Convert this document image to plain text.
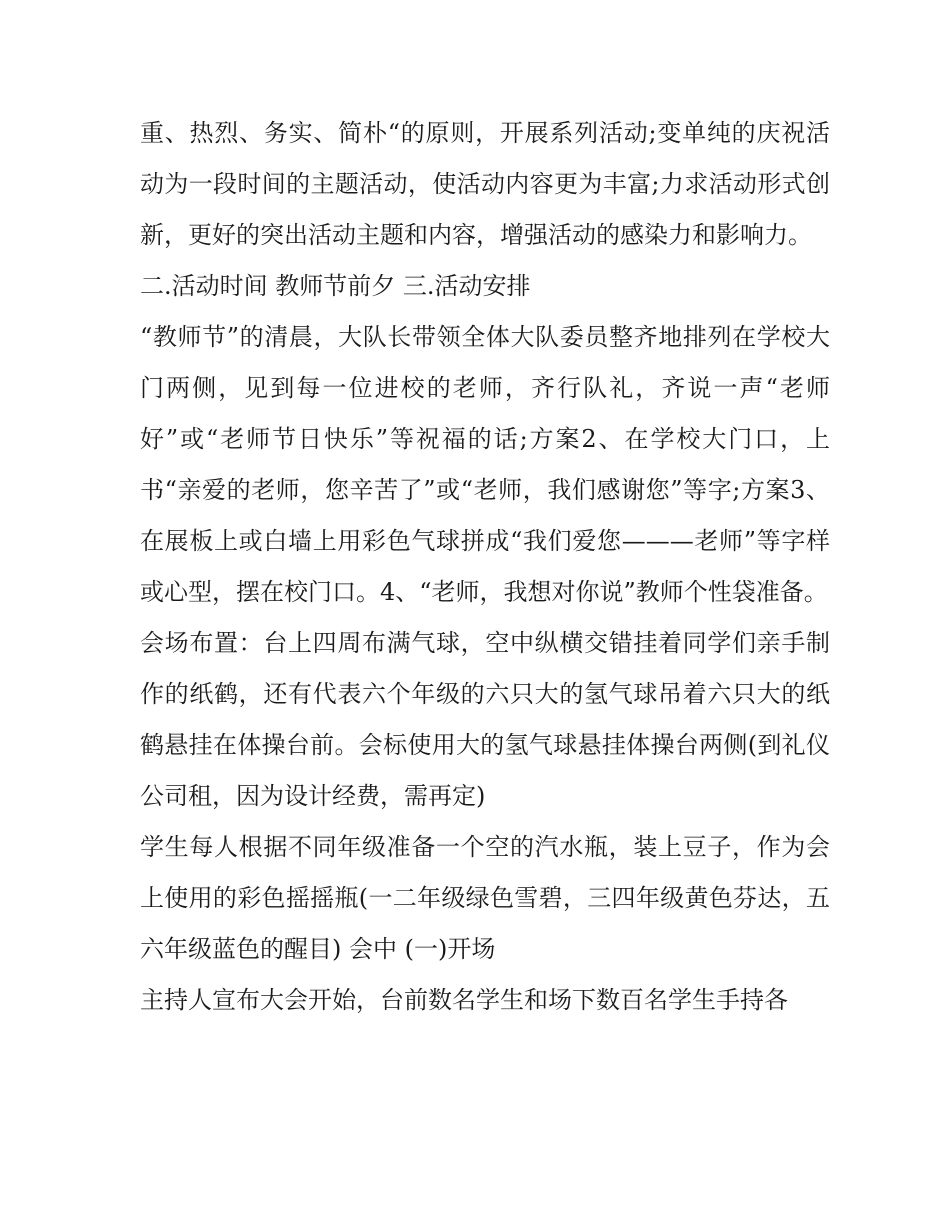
重、热烈、务实、简朴“的原则，开展系列活动;变单纯的庆祝活动为一段时间的主题活动，使活动内容更为丰富;力求活动形式创新，更好的突出活动主题和内容，增强活动的感染力和影响力。

二.活动时间 教师节前夕 三.活动安排

“教师节”的清晨，大队长带领全体大队委员整齐地排列在学校大门两侧，见到每一位进校的老师，齐行队礼，齐说一声“老师好”或“老师节日快乐”等祝福的话;方案2、在学校大门口，上书“亲爱的老师，您辛苦了”或“老师，我们感谢您”等字;方案3、在展板上或白墙上用彩色气球拼成“我们爱您———老师”等字样或心型，摆在校门口。4、“老师，我想对你说”教师个性袋准备。

会场布置：台上四周布满气球，空中纵横交错挂着同学们亲手制作的纸鹤，还有代表六个年级的六只大的氢气球吊着六只大的纸鹤悬挂在体操台前。会标使用大的氢气球悬挂体操台两侧(到礼仪公司租，因为设计经费，需再定)

学生每人根据不同年级准备一个空的汽水瓶，装上豆子，作为会上使用的彩色摇摇瓶(一二年级绿色雪碧，三四年级黄色芬达，五六年级蓝色的醒目) 会中 (一)开场

主持人宣布大会开始，台前数名学生和场下数百名学生手持各
